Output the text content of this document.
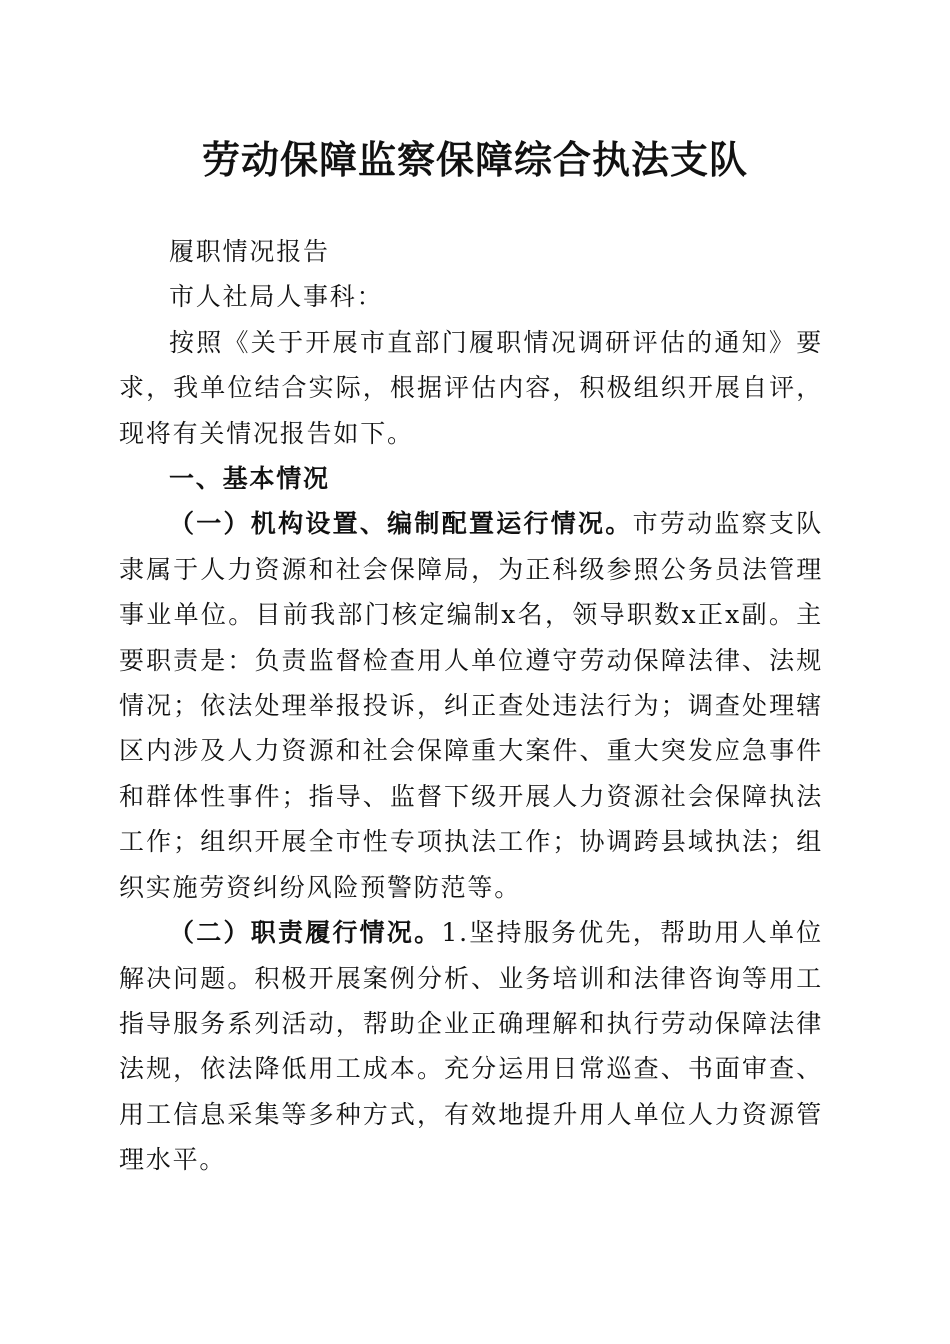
劳动保障监察保障综合执法支队

履职情况报告

市人社局人事科：

按照《关于开展市直部门履职情况调研评估的通知》要求，我单位结合实际，根据评估内容，积极组织开展自评，现将有关情况报告如下。

一、基本情况

（一）机构设置、编制配置运行情况。市劳动监察支队隶属于人力资源和社会保障局，为正科级参照公务员法管理事业单位。目前我部门核定编制x名，领导职数x正x副。主要职责是：负责监督检查用人单位遵守劳动保障法律、法规情况；依法处理举报投诉，纠正查处违法行为；调查处理辖区内涉及人力资源和社会保障重大案件、重大突发应急事件和群体性事件；指导、监督下级开展人力资源社会保障执法工作；组织开展全市性专项执法工作；协调跨县域执法；组织实施劳资纠纷风险预警防范等。

（二）职责履行情况。1.坚持服务优先，帮助用人单位解决问题。积极开展案例分析、业务培训和法律咨询等用工指导服务系列活动，帮助企业正确理解和执行劳动保障法律法规，依法降低用工成本。充分运用日常巡查、书面审查、用工信息采集等多种方式，有效地提升用人单位人力资源管理水平。
